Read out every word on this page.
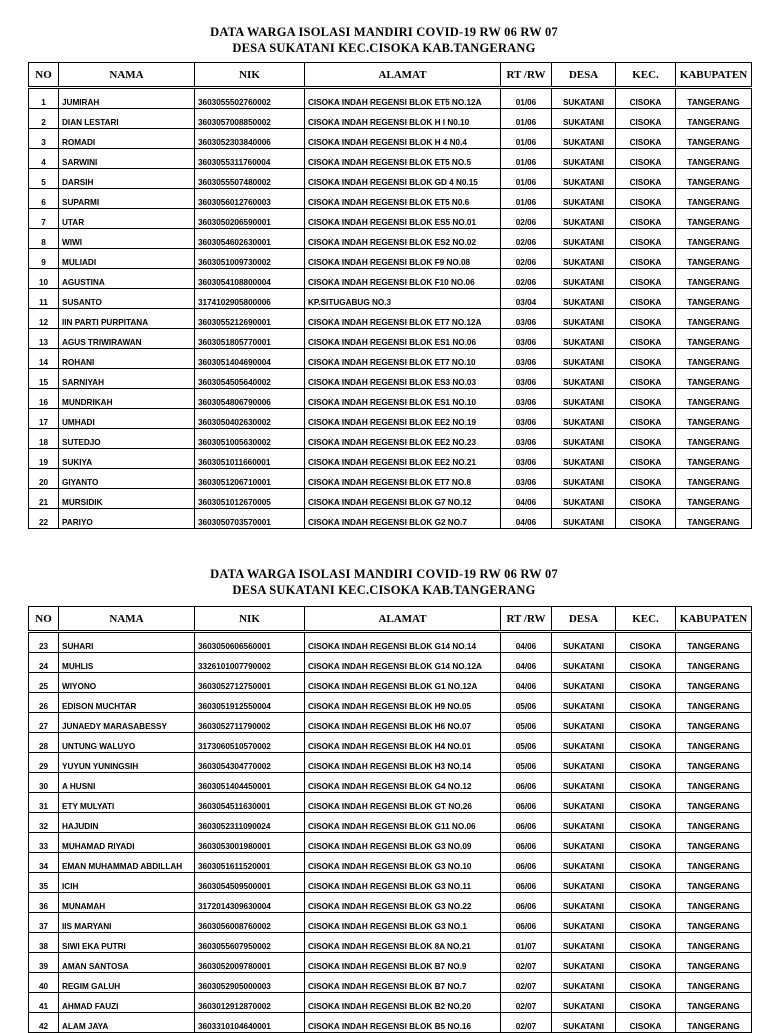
DATA WARGA ISOLASI MANDIRI COVID-19 RW 06 RW 07
DESA SUKATANI KEC.CISOKA KAB.TANGERANG
NO	NAMA	NIK	ALAMAT	RT /RW	DESA	KEC.	KABUPATEN
1	JUMIRAH	3603055502760002	CISOKA INDAH REGENSI BLOK ET5 NO.12A	01/06	SUKATANI	CISOKA	TANGERANG
2	DIAN LESTARI	3603057008850002	CISOKA INDAH REGENSI BLOK H I N0.10	01/06	SUKATANI	CISOKA	TANGERANG
3	ROMADI	3603052303840006	CISOKA INDAH REGENSI BLOK H 4 N0.4	01/06	SUKATANI	CISOKA	TANGERANG
4	SARWINI	3603055311760004	CISOKA INDAH REGENSI BLOK ET5 NO.5	01/06	SUKATANI	CISOKA	TANGERANG
5	DARSIH	3603055507480002	CISOKA INDAH REGENSI BLOK GD 4 N0.15	01/06	SUKATANI	CISOKA	TANGERANG
6	SUPARMI	3603056012760003	CISOKA INDAH REGENSI BLOK ET5 N0.6	01/06	SUKATANI	CISOKA	TANGERANG
7	UTAR	3603050206590001	CISOKA INDAH REGENSI BLOK ES5 NO.01	02/06	SUKATANI	CISOKA	TANGERANG
8	WIWI	3603054602630001	CISOKA INDAH REGENSI BLOK ES2 NO.02	02/06	SUKATANI	CISOKA	TANGERANG
9	MULIADI	3603051009730002	CISOKA INDAH REGENSI BLOK F9 NO.08	02/06	SUKATANI	CISOKA	TANGERANG
10	AGUSTINA	3603054108800004	CISOKA INDAH REGENSI BLOK F10 NO.06	02/06	SUKATANI	CISOKA	TANGERANG
11	SUSANTO	3174102905800006	KP.SITUGABUG NO.3	03/04	SUKATANI	CISOKA	TANGERANG
12	IIN PARTI PURPITANA	3603055212690001	CISOKA INDAH REGENSI BLOK ET7 NO.12A	03/06	SUKATANI	CISOKA	TANGERANG
13	AGUS TRIWIRAWAN	3603051805770001	CISOKA INDAH REGENSI BLOK ES1 NO.06	03/06	SUKATANI	CISOKA	TANGERANG
14	ROHANI	3603051404690004	CISOKA INDAH REGENSI BLOK ET7 NO.10	03/06	SUKATANI	CISOKA	TANGERANG
15	SARNIYAH	3603054505640002	CISOKA INDAH REGENSI BLOK ES3 NO.03	03/06	SUKATANI	CISOKA	TANGERANG
16	MUNDRIKAH	3603054806790006	CISOKA INDAH REGENSI BLOK ES1 NO.10	03/06	SUKATANI	CISOKA	TANGERANG
17	UMHADI	3603050402630002	CISOKA INDAH REGENSI BLOK EE2 NO.19	03/06	SUKATANI	CISOKA	TANGERANG
18	SUTEDJO	3603051005630002	CISOKA INDAH REGENSI BLOK EE2 NO.23	03/06	SUKATANI	CISOKA	TANGERANG
19	SUKIYA	3603051011660001	CISOKA INDAH REGENSI BLOK EE2 NO.21	03/06	SUKATANI	CISOKA	TANGERANG
20	GIYANTO	3603051206710001	CISOKA INDAH REGENSI BLOK ET7 NO.8	03/06	SUKATANI	CISOKA	TANGERANG
21	MURSIDIK	3603051012670005	CISOKA INDAH REGENSI BLOK G7 NO.12	04/06	SUKATANI	CISOKA	TANGERANG
22	PARIYO	3603050703570001	CISOKA INDAH REGENSI BLOK G2 NO.7	04/06	SUKATANI	CISOKA	TANGERANG
DATA WARGA ISOLASI MANDIRI COVID-19 RW 06 RW 07
DESA SUKATANI KEC.CISOKA KAB.TANGERANG
NO	NAMA	NIK	ALAMAT	RT /RW	DESA	KEC.	KABUPATEN
23	SUHARI	3603050606560001	CISOKA INDAH REGENSI BLOK G14 NO.14	04/06	SUKATANI	CISOKA	TANGERANG
24	MUHLIS	3326101007790002	CISOKA INDAH REGENSI BLOK G14 NO.12A	04/06	SUKATANI	CISOKA	TANGERANG
25	WIYONO	3603052712750001	CISOKA INDAH REGENSI BLOK G1 NO.12A	04/06	SUKATANI	CISOKA	TANGERANG
26	EDISON MUCHTAR	3603051912550004	CISOKA INDAH REGENSI BLOK H9 NO.05	05/06	SUKATANI	CISOKA	TANGERANG
27	JUNAEDY MARASABESSY	3603052711790002	CISOKA INDAH REGENSI BLOK H6 NO.07	05/06	SUKATANI	CISOKA	TANGERANG
28	UNTUNG WALUYO	3173060510570002	CISOKA INDAH REGENSI BLOK H4 NO.01	05/06	SUKATANI	CISOKA	TANGERANG
29	YUYUN YUNINGSIH	3603054304770002	CISOKA INDAH REGENSI BLOK H3 NO.14	05/06	SUKATANI	CISOKA	TANGERANG
30	A HUSNI	3603051404450001	CISOKA INDAH REGENSI BLOK G4 NO.12	06/06	SUKATANI	CISOKA	TANGERANG
31	ETY MULYATI	3603054511630001	CISOKA INDAH REGENSI BLOK GT NO.26	06/06	SUKATANI	CISOKA	TANGERANG
32	HAJUDIN	3603052311090024	CISOKA INDAH REGENSI BLOK G11 NO.06	06/06	SUKATANI	CISOKA	TANGERANG
33	MUHAMAD RIYADI	3603053001980001	CISOKA INDAH REGENSI BLOK G3 NO.09	06/06	SUKATANI	CISOKA	TANGERANG
34	EMAN MUHAMMAD ABDILLAH	3603051611520001	CISOKA INDAH REGENSI BLOK G3 NO.10	06/06	SUKATANI	CISOKA	TANGERANG
35	ICIH	3603054509500001	CISOKA INDAH REGENSI BLOK G3 NO.11	06/06	SUKATANI	CISOKA	TANGERANG
36	MUNAMAH	3172014309630004	CISOKA INDAH REGENSI BLOK G3 NO.22	06/06	SUKATANI	CISOKA	TANGERANG
37	IIS MARYANI	3603056008760002	CISOKA INDAH REGENSI BLOK G3 NO.1	06/06	SUKATANI	CISOKA	TANGERANG
38	SIWI EKA PUTRI	3603055607950002	CISOKA INDAH REGENSI BLOK 8A NO.21	01/07	SUKATANI	CISOKA	TANGERANG
39	AMAN SANTOSA	3603052009780001	CISOKA INDAH REGENSI BLOK B7 NO.9	02/07	SUKATANI	CISOKA	TANGERANG
40	REGIM GALUH	3603052905000003	CISOKA INDAH REGENSI BLOK B7 NO.7	02/07	SUKATANI	CISOKA	TANGERANG
41	AHMAD FAUZI	3603012912870002	CISOKA INDAH REGENSI BLOK B2 NO.20	02/07	SUKATANI	CISOKA	TANGERANG
42	ALAM JAYA	3603310104640001	CISOKA INDAH REGENSI BLOK B5 NO.16	02/07	SUKATANI	CISOKA	TANGERANG
